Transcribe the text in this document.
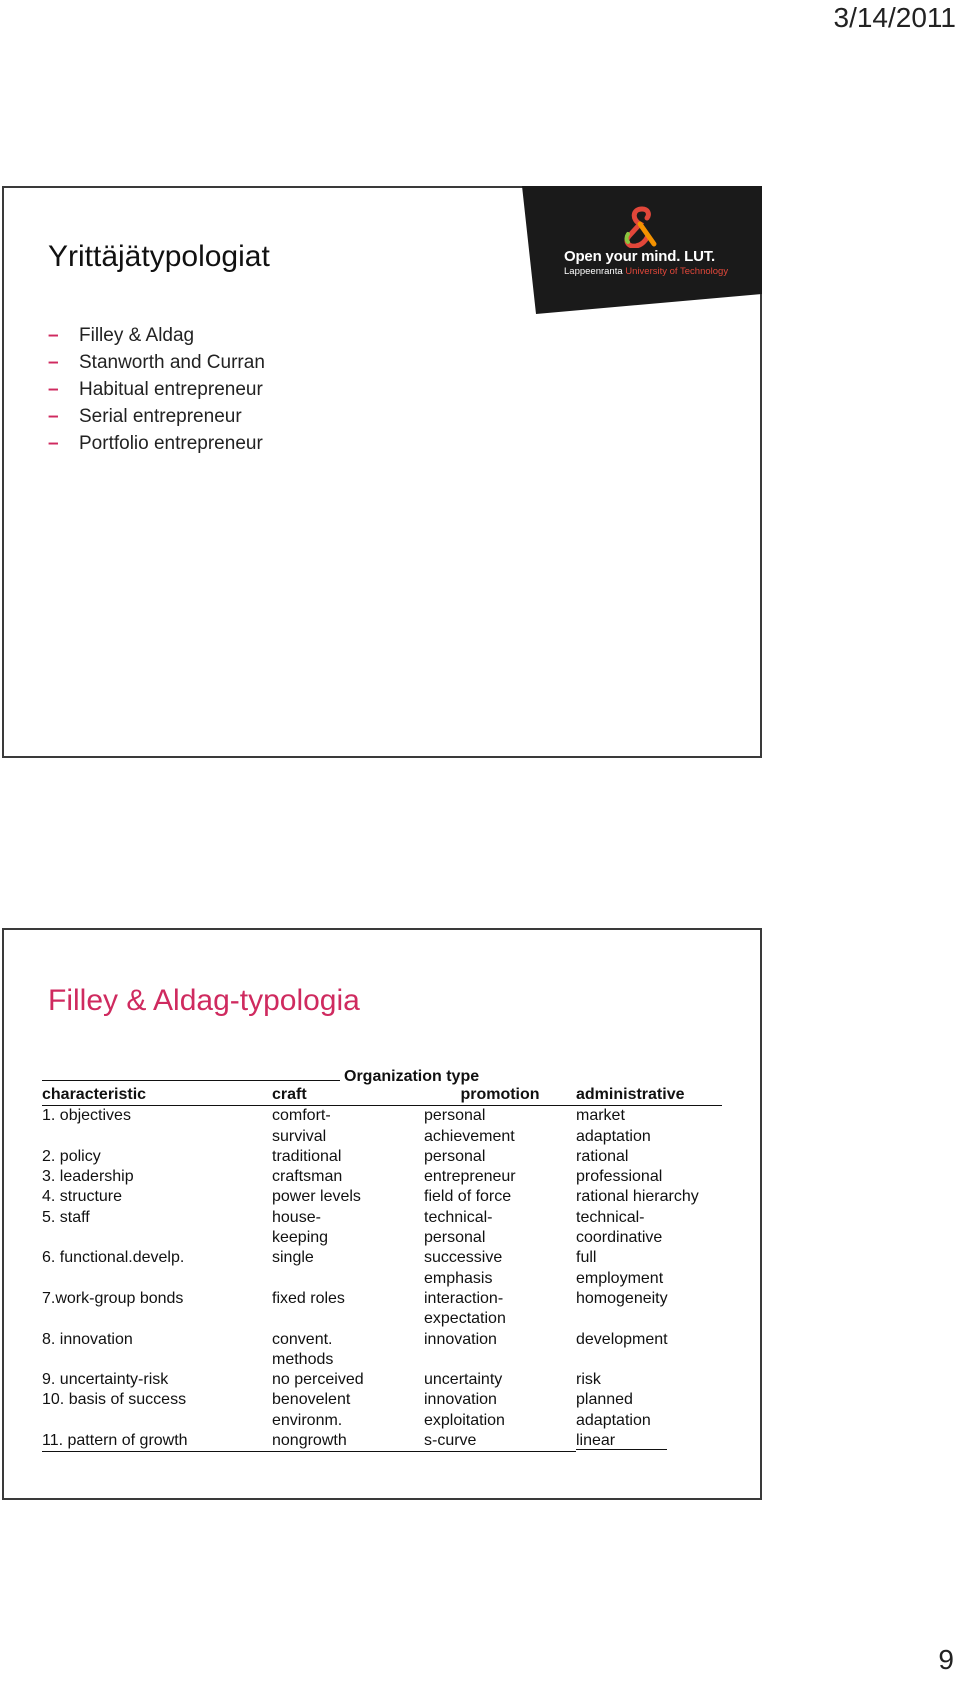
3/14/2011
Open your mind. LUT.
Lappeenranta University of Technology
Yrittäjätypologiat
– Filley & Aldag
– Stanworth and Curran
– Habitual entrepreneur
– Serial entrepreneur
– Portfolio entrepreneur
Filley & Aldag-typologia
Organization type
characteristic	craft	promotion	administrative
1. objectives	comfort-	personal	market
	survival	achievement	adaptation
2. policy	traditional	personal	rational
3. leadership	craftsman	entrepreneur	professional
4. structure	power levels	field of force	rational hierarchy
5. staff	house-	technical-	technical-
	keeping	personal	coordinative
6. functional.develp.	single	successive	full
		emphasis	employment
7.work-group bonds	fixed roles	interaction-	homogeneity
		expectation	
8. innovation	convent.	innovation	development
	methods		
9. uncertainty-risk	no perceived	uncertainty	risk
10. basis of success	benovelent	innovation	planned
	environm.	exploitation	adaptation
11. pattern of growth	nongrowth	s-curve	linear
9
